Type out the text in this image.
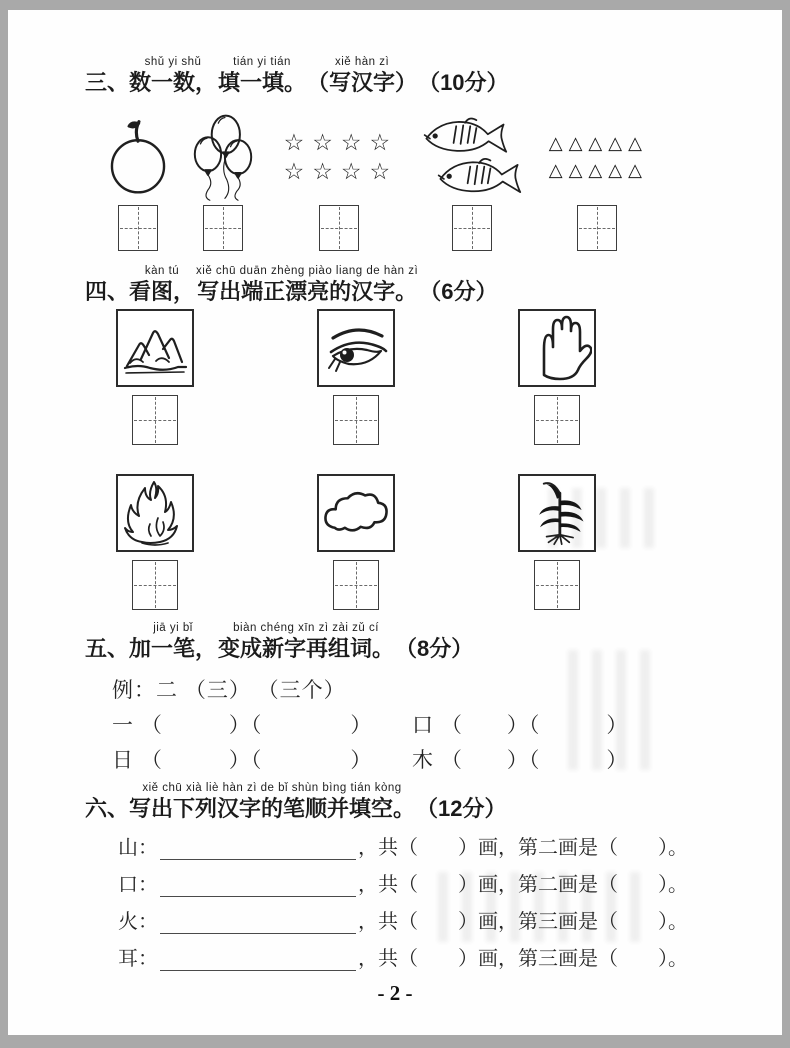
三、
shǔ yi shǔ
数一数，
tián yi tián
填一填。
xiě hàn zì
（写汉字） （10分）
☆☆☆☆
☆☆☆☆
△△△△△
△△△△△
四、
kàn tú
看图，
xiě chū duān zhèng piào liang de hàn zì
写出端正漂亮的汉字。 （6分）
五、
jiā yi bǐ
加一笔，
biàn chéng xīn zì zài zǔ cí
变成新字再组词。 （8分）
例：二 （三） （三个）
一 （　　　）（　　　　）	口 （　　）（　　　）
日 （　　　）（　　　　）	木 （　　）（　　　）
六、
xiě chū xià liè hàn zì de bǐ shùn bìng tián kòng
写出下列汉字的笔顺并填空。 （12分）
山：	，共（　　）画，第二画是（　　）。
口：	，共（　　）画，第二画是（　　）。
火：	，共（　　）画，第三画是（　　）。
耳：	，共（　　）画，第三画是（　　）。
- 2 -
